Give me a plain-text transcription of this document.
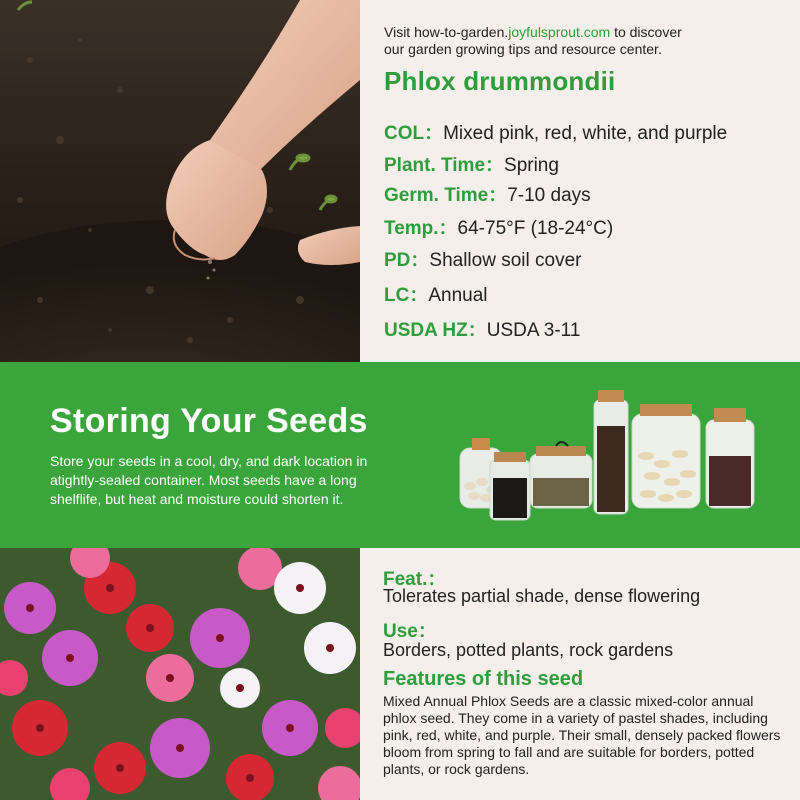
Visit how-to-garden.joyfulsprout.com to discover
our garden growing tips and resource center.
Phlox drummondii
COL：Mixed pink, red, white, and purple
Plant. Time：Spring
Germ. Time：7-10 days
Temp.：64-75°F (18-24°C)
PD：Shallow soil cover
LC：Annual
USDA HZ：USDA 3-11
Storing Your Seeds

Store your seeds in a cool, dry, and dark location in atightly-sealed container. Most seeds have a long shelflife, but heat and moisture could shorten it.

Feat.：
Tolerates partial shade, dense flowering
Use：
Borders, potted plants, rock gardens
Features of this seed
Mixed Annual Phlox Seeds are a classic mixed-color annual phlox seed. They come in a variety of pastel shades, including pink, red, white, and purple. Their small, densely packed flowers bloom from spring to fall and are suitable for borders, potted plants, or rock gardens.
